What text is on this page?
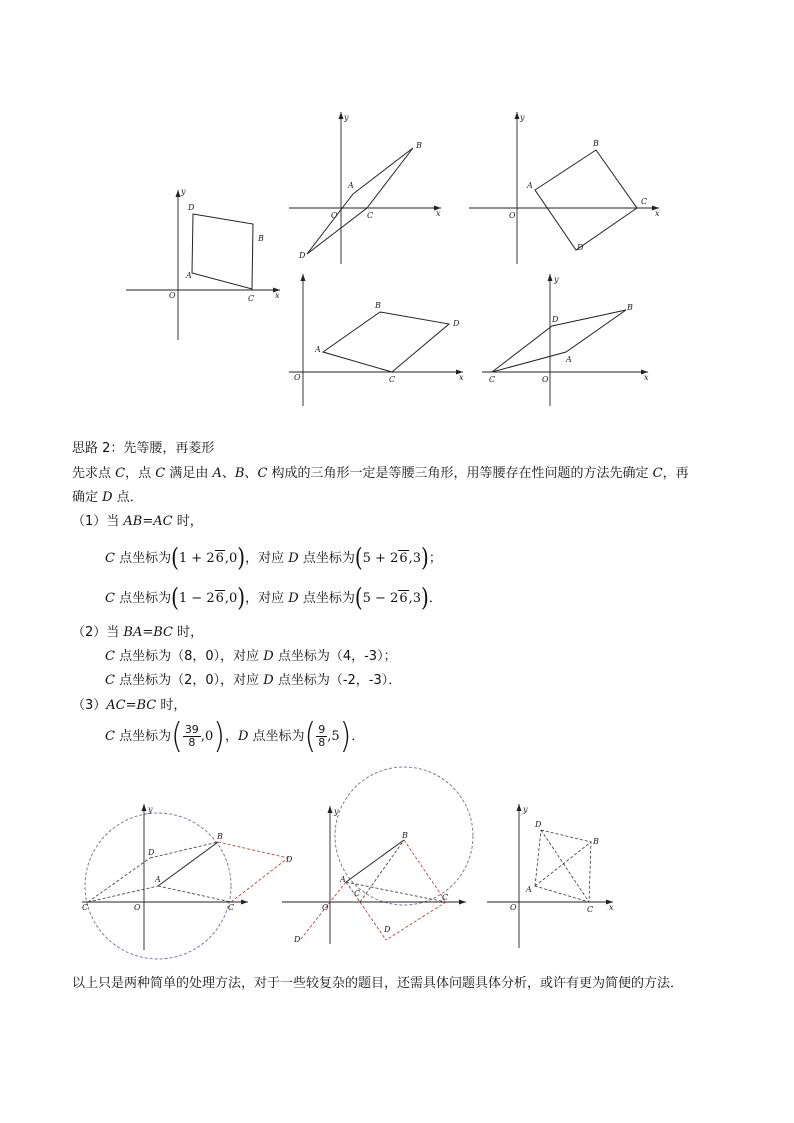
D
B
A
C
O	x
y
A
B
C
D
O	x
y
A
B
C
D
O	x
y
A
B
D
C
O	x
D
B
A
C	O	x
y
思路 2：先等腰，再菱形
先求点 C，点 C 满足由 A、B、C 构成的三角形一定是等腰三角形，用等腰存在性问题的方法先确定 C，再
确定 D 点．
（1）当 AB=AC 时，
C 点坐标为(1 + 26,0)，对应 D 点坐标为(5 + 26,3)；
C 点坐标为(1 − 26,0)，对应 D 点坐标为(5 − 26,3)．
（2）当 BA=BC 时，
C 点坐标为（8，0），对应 D 点坐标为（4，-3）；
C 点坐标为（2，0），对应 D 点坐标为（-2，-3）．
（3）AC=BC 时，
C 点坐标为( $\frac{39}{8} ,0$)，D 点坐标为( $\frac{9}{8} ,5$)．
B
D
A
C	O	C
y
D
B
A
C
O
C
D
D
y
D
B
A
C
O	x
y
以上只是两种简单的处理方法，对于一些较复杂的题目，还需具体问题具体分析，或许有更为简便的方法．
